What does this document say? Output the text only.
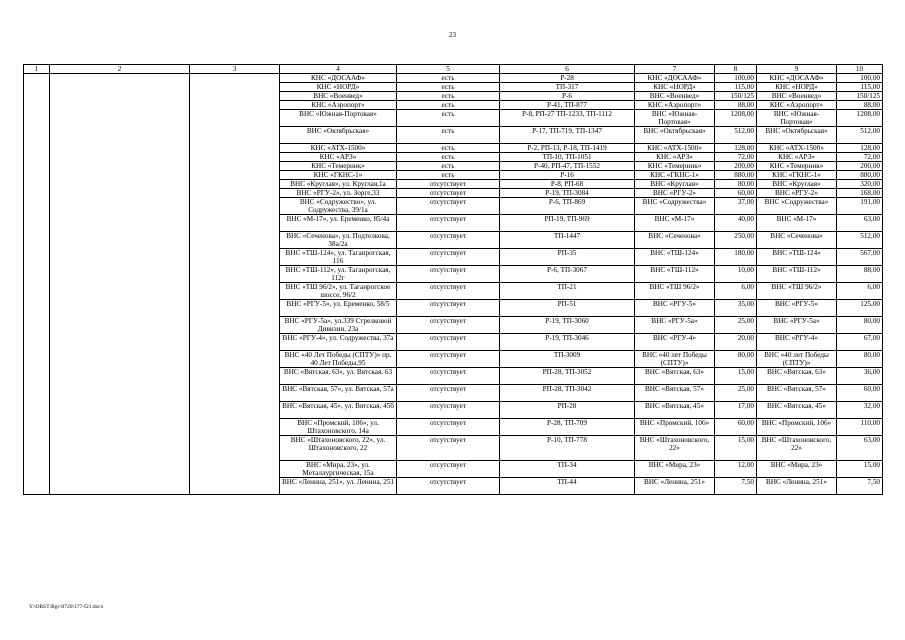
23
1	2	3	4	5	6	7	8	9	10
			КНС «ДОСААФ»	есть	Р-28	КНС «ДОСААФ»	100,00	КНС «ДОСААФ»	100,00
			КНС «НОРД»	есть	ТП-317	КНС «НОРД»	115,00	КНС «НОРД»	115,00
			ВНС «Военвед»	есть	Р-6	ВНС «Военвед»	150/125	ВНС «Военвед»	150/125
			КНС «Аэропорт»	есть	Р-41, ТП-877	КНС «Аэропорт»	88,00	КНС «Аэропорт»	88,00
			ВНС «Южная-Портовая»	есть	Р-8, РП-27 ТП-1233, ТП-1112	ВНС «Южная-Портовая»	1208,00	ВНС «Южная-Портовая»	1208,00
			ВНС «Октябрьская»	есть	Р-17, ТП-719, ТП-1347	ВНС «Октябрьская»	512,00	ВНС «Октябрьская»	512,00
			КНС «АТХ-1500»	есть	Р-2, РП-13, Р-18, ТП-1419	КНС «АТХ-1500»	128,00	КНС «АТХ-1500»	128,00
			КНС «АРЗ»	есть	ТП-10, ТП-1051	КНС «АРЗ»	72,00	КНС «АРЗ»	72,00
			КНС «Темерник»	есть	Р-40, РП-47, ТП-1552	КНС «Темерник»	200,00	КНС «Темерник»	200,00
			КНС «ГКНС-1»	есть	Р-16	КНС «ГКНС-1»	880,00	КНС «ГКНС-1»	880,00
			ВНС «Круглая», ул. Круглая,1а	отсутствует	Р-8, РП-68	ВНС «Круглая»	80,00	ВНС «Круглая»	320,00
			ВНС «РГУ-2», ул. Зорге,33	отсутствует	Р-19, ТП-3084	ВНС «РГУ-2»	60,00	ВНС «РГУ-2»	168,00
			ВНС «Содружество», ул. Содружества, 39/1а	отсутствует	Р-6, ТП-869	ВНС «Содружества»	37,00	ВНС «Содружества»	191,00
			ВНС «М-17», ул. Еременко, 85/4а	отсутствует	РП-19, ТП-969	ВНС «М-17»	40,00	ВНС «М-17»	63,00
			ВНС «Сеченова», ул. Подтелкова, 38а/2а	отсутствует	ТП-1447	ВНС «Сеченова»	250,00	ВНС «Сеченова»	512,00
			ВНС «ТШ-124», ул. Таганрогская, 116	отсутствует	РП-35	ВНС «ТШ-124»	180,00	ВНС «ТШ-124»	567,00
			ВНС «ТШ-112», ул. Таганрогская, 112г	отсутствует	Р-6, ТП-3067	ВНС «ТШ-112»	10,00	ВНС «ТШ-112»	88,00
			ВНС «ТШ 96/2», ул. Таганрогское шоссе, 96/2	отсутствует	ТП-21	ВНС «ТШ 96/2»	6,00	ВНС «ТШ 96/2»	6,00
			ВНС «РГУ-5», ул. Еременко, 58/5	отсутствует	РП-51	ВНС «РГУ-5»	35,00	ВНС «РГУ-5»	125,00
			ВНС «РГУ-5а», ул.339 Стрелковой Дивизии, 23а	отсутствует	Р-19, ТП-3060	ВНС «РГУ-5а»	25,00	ВНС «РГУ-5а»	80,00
			ВНС «РГУ-4», ул. Содружества, 37а	отсутствует	Р-19, ТП-3046	ВНС «РГУ-4»	20,00	ВНС «РГУ-4»	67,00
			ВНС «40 Лет Победы (СПТУ)» пр. 40 Лет Победы,95	отсутствует	ТП-3009	ВНС «40 лет Победы (СПТУ)»	80,00	ВНС «40 лет Победы (СПТУ)»	80,00
			ВНС «Вятская, 63», ул. Вятская, 63	отсутствует	РП-28, ТП-3052	ВНС «Вятская, 63»	15,00	ВНС «Вятская, 63»	36,00
			ВНС «Вятская, 57», ул. Вятская, 57а	отсутствует	РП-28, ТП-3042	ВНС «Вятская, 57»	25,00	ВНС «Вятская, 57»	60,00
			ВНС «Вятская, 45», ул. Вятская, 45б	отсутствует	РП-28	ВНС «Вятская, 45»	17,00	ВНС «Вятская, 45»	32,00
			ВНС «Промский, 106», ул. Штахоновского, 14а	отсутствует	Р-28, ТП-709	ВНС «Промский, 106»	60,00	ВНС «Промский, 106»	110,00
			ВНС «Штахоновского, 22», ул. Штахоновского, 22	отсутствует	Р-10, ТП-778	ВНС «Штахоновского, 22»	15,00	ВНС «Штахоновского, 22»	63,00
			ВНС «Мира, 23», ул. Металлургическая, 15а	отсутствует	ТП-34	ВНС «Мира, 23»	12,00	ВНС «Мира, 23»	15,00
			ВНС «Ленина, 251», ул. Ленина, 251	отсутствует	ТП-44	ВНС «Ленина, 251»	7,50	ВНС «Ленина, 251»	7,50
Y:\ORST\Rgc\0720\177-f21.docx
